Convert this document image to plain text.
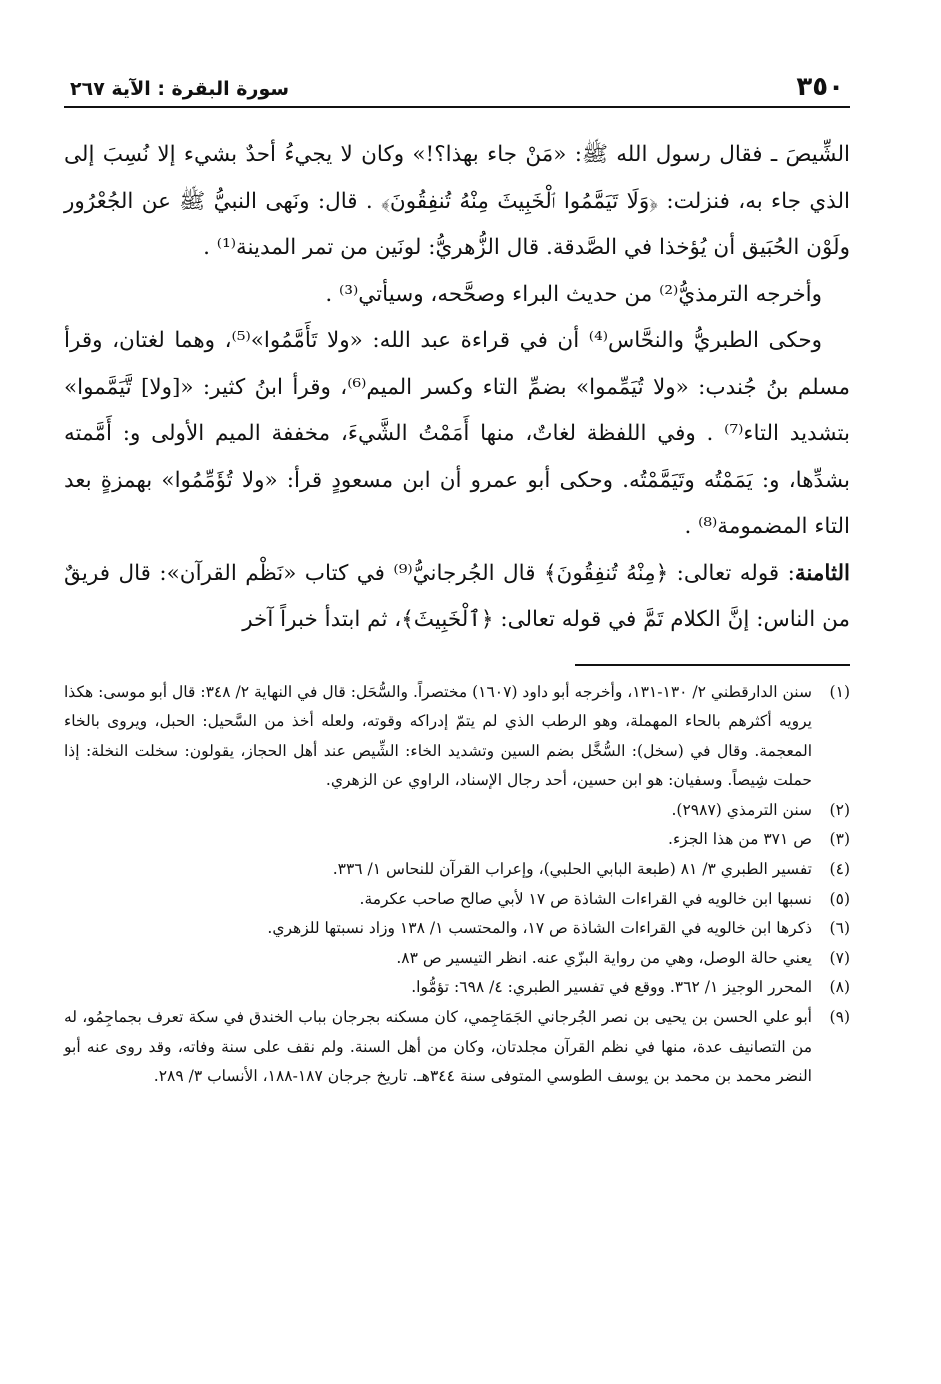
٣٥٠
سورة البقرة : الآية ٢٦٧

الشِّيصَ ـ فقال رسول الله ﷺ: «مَنْ جاء بهذا؟!» وكان لا يجيءُ أحدٌ بشيء إلا نُسِبَ إلى الذي جاء به، فنزلت: ﴿وَلَا تَيَمَّمُوا ٱلْخَبِيثَ مِنْهُ تُنفِقُونَ﴾ . قال: ونَهى النبيُّ ﷺ عن الجُعْرُور ولَوْن الحُبَيق أن يُؤخذا في الصَّدقة. قال الزُّهريُّ: لونَين من تمر المدينة⁽¹⁾ .

وأخرجه الترمذيُّ⁽²⁾ من حديث البراء وصحَّحه، وسيأتي⁽³⁾ .

وحكى الطبريُّ والنحَّاس⁽⁴⁾ أن في قراءة عبد الله: «ولا تَأَمَّمُوا»⁽⁵⁾، وهما لغتان، وقرأ مسلم بنُ جُندب: «ولا تُيَمِّموا» بضمِّ التاء وكسر الميم⁽⁶⁾، وقرأ ابنُ كثير: «[ولا] تَّيَمَّموا» بتشديد التاء⁽⁷⁾ . وفي اللفظة لغاتٌ، منها أَمَمْتُ الشَّيءَ، مخففة الميم الأولى و: أَمَّمته بشدِّها، و: يَمَمْتُه وتَيَمَّمْتُه. وحكى أبو عمرو أن ابن مسعودٍ قرأ: «ولا تُؤَمِّمُوا» بهمزةٍ بعد التاء المضمومة⁽⁸⁾ .

الثامنة: قوله تعالى: ﴿مِنْهُ تُنفِقُونَ﴾ قال الجُرجانيُّ⁽⁹⁾ في كتاب «نَظْم القرآن»: قال فريقٌ من الناس: إنَّ الكلام تَمَّ في قوله تعالى: ﴿ٱلْخَبِيثَ﴾، ثم ابتدأ خبراً آخر

(١)
سنن الدارقطني ٢/ ١٣٠-١٣١، وأخرجه أبو داود (١٦٠٧) مختصراً. والسُّحَل: قال في النهاية ٢/ ٣٤٨: قال أبو موسى: هكذا يرويه أكثرهم بالحاء المهملة، وهو الرطب الذي لم يتمّ إدراكه وقوته، ولعله أخذ من السَّحيل: الحبل، ويروى بالخاء المعجمة. وقال في (سخل): السُّخَّل بضم السين وتشديد الخاء: الشِّيص عند أهل الحجاز، يقولون: سخلت النخلة: إذا حملت شِيصاً. وسفيان: هو ابن حسين، أحد رجال الإسناد، الراوي عن الزهري.
(٢)
سنن الترمذي (٢٩٨٧).
(٣)
ص ٣٧١ من هذا الجزء.
(٤)
تفسير الطبري ٣/ ٨١ (طبعة البابي الحلبي)، وإعراب القرآن للنحاس ١/ ٣٣٦.
(٥)
نسبها ابن خالويه في القراءات الشاذة ص ١٧ لأبي صالح صاحب عكرمة.
(٦)
ذكرها ابن خالويه في القراءات الشاذة ص ١٧، والمحتسب ١/ ١٣٨ وزاد نسبتها للزهري.
(٧)
يعني حالة الوصل، وهي من رواية البزّي عنه. انظر التيسير ص ٨٣.
(٨)
المحرر الوجيز ١/ ٣٦٢. ووقع في تفسير الطبري: ٤/ ٦٩٨: تؤمُّوا.
(٩)
أبو علي الحسن بن يحيى بن نصر الجُرجاني الجَمَاجِمي، كان مسكنه بجرجان بباب الخندق في سكة تعرف بجماجِمُو، له من التصانيف عدة، منها في نظم القرآن مجلدتان، وكان من أهل السنة. ولم نقف على سنة وفاته، وقد روى عنه أبو النضر محمد بن محمد بن يوسف الطوسي المتوفى سنة ٣٤٤هـ. تاريخ جرجان ١٨٧-١٨٨، الأنساب ٣/ ٢٨٩.
